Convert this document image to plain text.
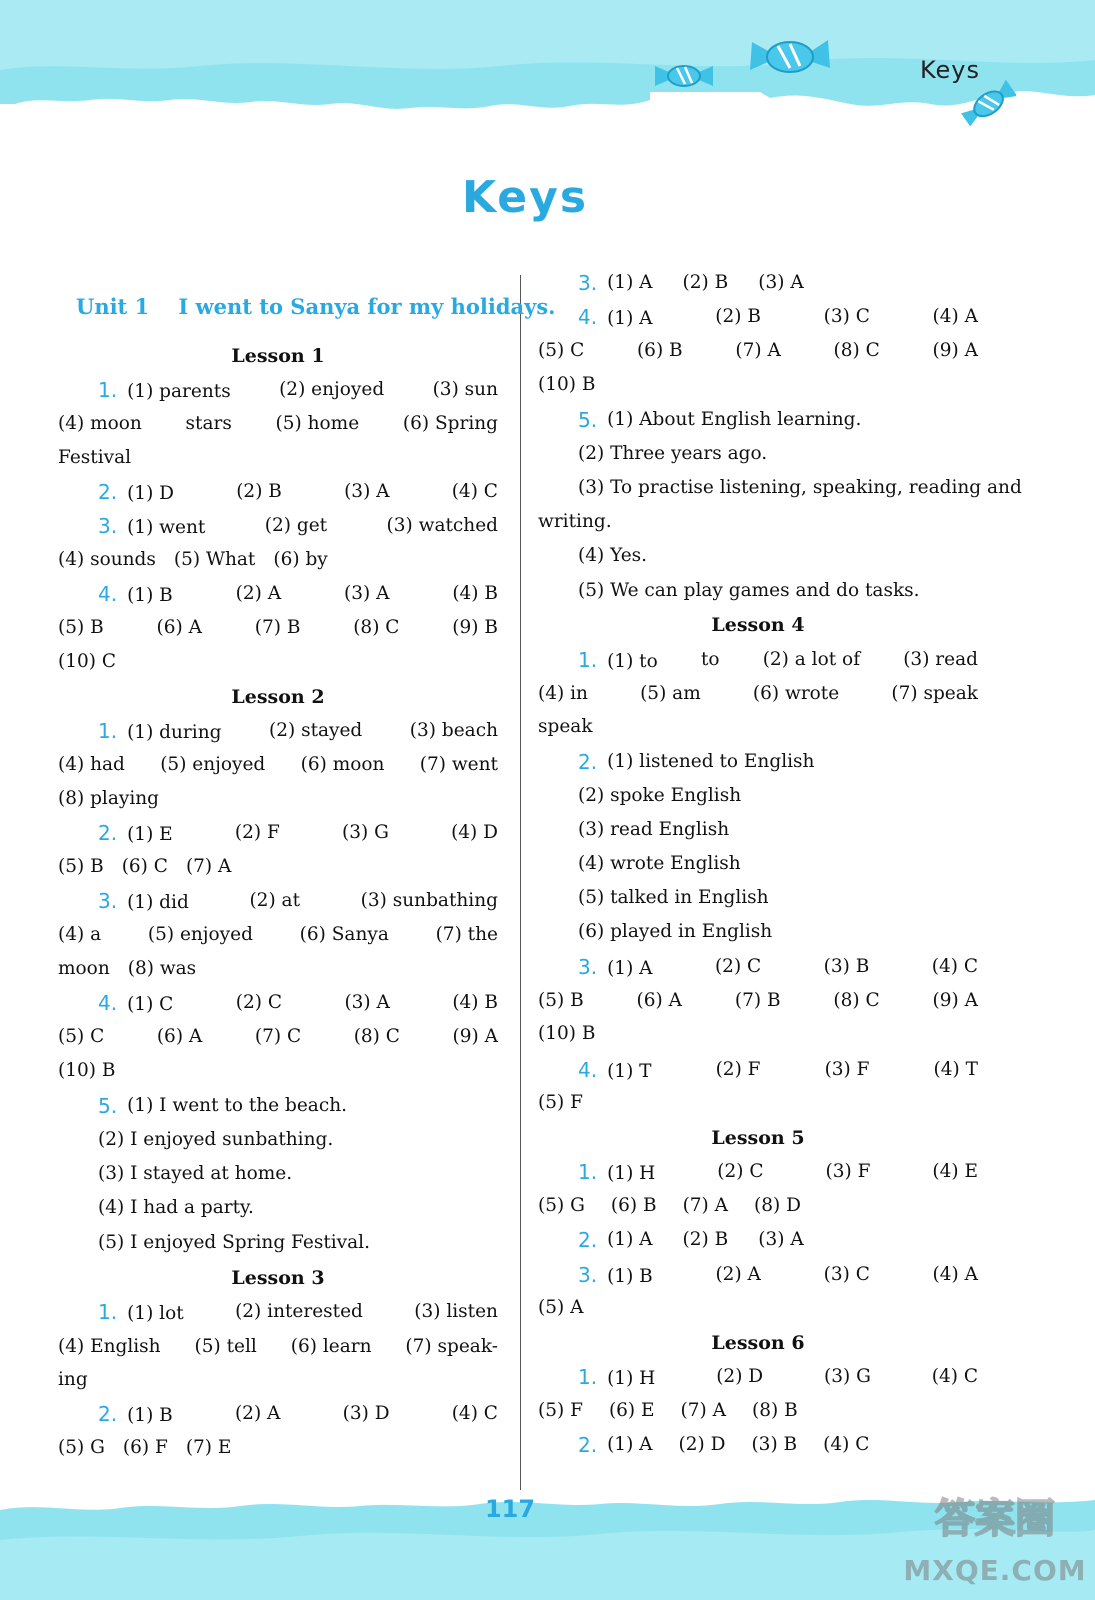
Keys
Keys
Unit 1    I went to Sanya for my holidays.
Lesson 1
1. (1) parents	(2) enjoyed	(3) sun
(4) moon stars (5) home (6) Spring
Festival
2. (1) D	(2) B	(3) A	(4) C
3. (1) went	(2) get	(3) watched
(4) sounds (5) What (6) by
4. (1) B	(2) A	(3) A	(4) B
(5) B	(6) A	(7) B	(8) C	(9) B
(10) C
Lesson 2
1. (1) during	(2) stayed	(3) beach
(4) had (5) enjoyed (6) moon (7) went
(8) playing
2. (1) E	(2) F	(3) G	(4) D
(5) B (6) C (7) A
3. (1) did	(2) at	(3) sunbathing
(4) a	(5) enjoyed	(6) Sanya	(7) the
moon (8) was
4. (1) C	(2) C	(3) A	(4) B
(5) C	(6) A	(7) C	(8) C	(9) A
(10) B
5. (1) I went to the beach.
(2) I enjoyed sunbathing.
(3) I stayed at home.
(4) I had a party.
(5) I enjoyed Spring Festival.
Lesson 3
1. (1) lot	(2) interested	(3) listen
(4) English (5) tell (6) learn (7) speak-
ing
2. (1) B	(2) A	(3) D	(4) C
(5) G (6) F (7) E
3. (1) A (2) B (3) A
4. (1) A	(2) B	(3) C	(4) A
(5) C	(6) B	(7) A	(8) C	(9) A
(10) B
5. (1) About English learning.
(2) Three years ago.
(3) To practise listening, speaking, reading and
writing.
(4) Yes.
(5) We can play games and do tasks.
Lesson 4
1. (1) to to (2) a lot of (3) read
(4) in	(5) am	(6) wrote	(7) speak
speak
2. (1) listened to English
(2) spoke English
(3) read English
(4) wrote English
(5) talked in English
(6) played in English
3. (1) A	(2) C	(3) B	(4) C
(5) B	(6) A	(7) B	(8) C	(9) A
(10) B
4. (1) T	(2) F	(3) F	(4) T
(5) F
Lesson 5
1. (1) H	(2) C	(3) F	(4) E
(5) G (6) B (7) A (8) D
2. (1) A (2) B (3) A
3. (1) B	(2) A	(3) C	(4) A
(5) A
Lesson 6
1. (1) H	(2) D	(3) G	(4) C
(5) F (6) E (7) A (8) B
2. (1) A (2) D (3) B (4) C
117	答案圈
MXQE.COM
